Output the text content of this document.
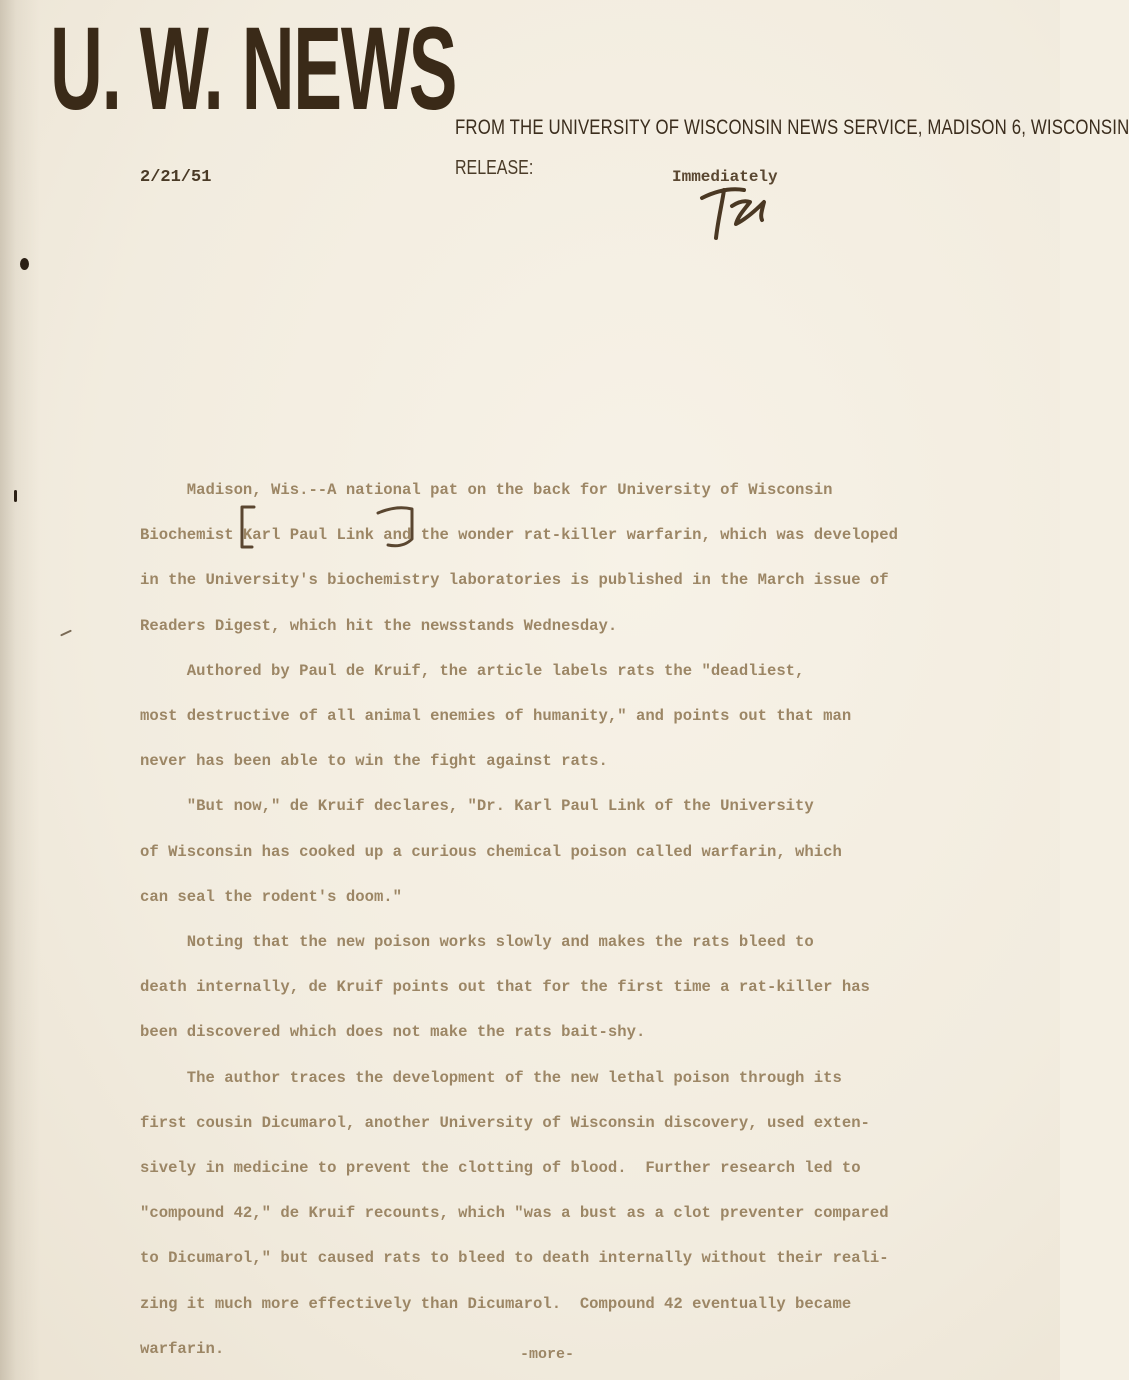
U. W. NEWS
FROM THE UNIVERSITY OF WISCONSIN NEWS SERVICE, MADISON 6, WISCONSIN
2/21/51	RELEASE:	Immediately

Madison, Wis.--A national pat on the back for University of Wisconsin

Biochemist Karl Paul Link and the wonder rat-killer warfarin, which was developed

in the University's biochemistry laboratories is published in the March issue of

Readers Digest, which hit the newsstands Wednesday.

Authored by Paul de Kruif, the article labels rats the "deadliest,

most destructive of all animal enemies of humanity," and points out that man

never has been able to win the fight against rats.

"But now," de Kruif declares, "Dr. Karl Paul Link of the University

of Wisconsin has cooked up a curious chemical poison called warfarin, which

can seal the rodent's doom."

Noting that the new poison works slowly and makes the rats bleed to

death internally, de Kruif points out that for the first time a rat-killer has

been discovered which does not make the rats bait-shy.

The author traces the development of the new lethal poison through its

first cousin Dicumarol, another University of Wisconsin discovery, used exten-

sively in medicine to prevent the clotting of blood.  Further research led to

"compound 42," de Kruif recounts, which "was a bust as a clot preventer compared

to Dicumarol," but caused rats to bleed to death internally without their reali-

zing it much more effectively than Dicumarol.  Compound 42 eventually became

warfarin.	-more-
